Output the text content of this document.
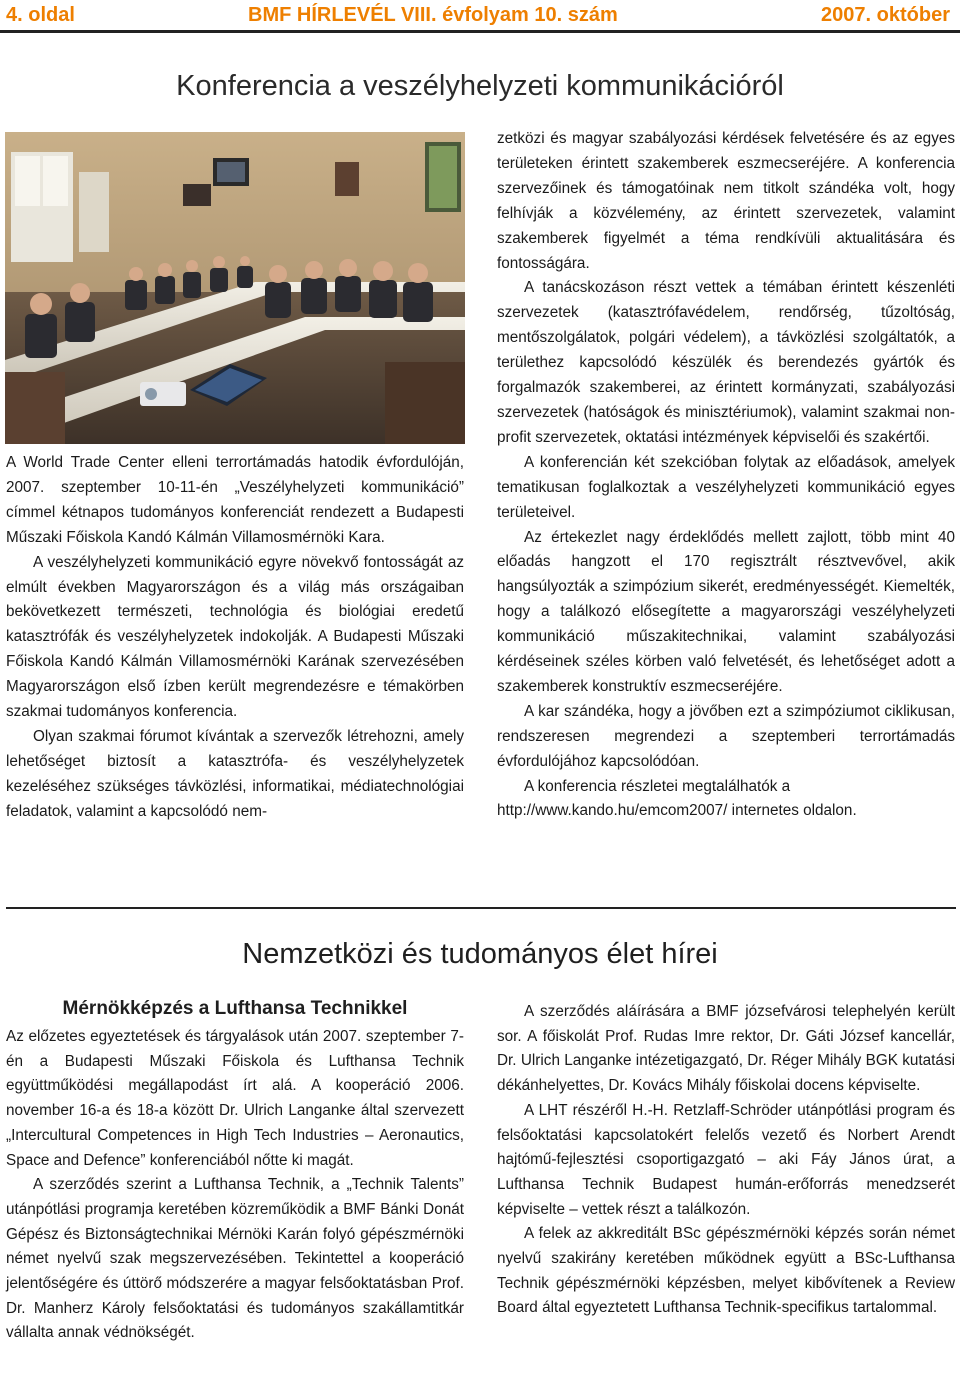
4. oldal	BMF HÍRLEVÉL VIII. évfolyam 10. szám	2007. október
Konferencia a veszélyhelyzeti kommunikációról

A World Trade Center elleni terrortámadás hatodik évfordulóján, 2007. szeptember 10-11-én „Veszélyhelyzeti kommunikáció” címmel kétnapos tudományos konferenciát rendezett a Budapesti Műszaki Főiskola Kandó Kálmán Villamosmérnöki Kara.

A veszélyhelyzeti kommunikáció egyre növekvő fontosságát az elmúlt években Magyarországon és a világ más országaiban bekövetkezett természeti, technológia és biológiai eredetű katasztrófák és veszélyhelyzetek indokolják. A Budapesti Műszaki Főiskola Kandó Kálmán Villamosmérnöki Karának szervezésében Magyarországon első ízben került megrendezésre e témakörben szakmai tudományos konferencia.

Olyan szakmai fórumot kívántak a szervezők létrehozni, amely lehetőséget biztosít a katasztrófa- és veszélyhelyzetek kezeléséhez szükséges távközlési, informatikai, médiatechnológiai feladatok, valamint a kapcsolódó nem-

zetközi és magyar szabályozási kérdések felvetésére és az egyes területeken érintett szakemberek eszmecseréjére. A konferencia szervezőinek és támogatóinak nem titkolt szándéka volt, hogy felhívják a közvélemény, az érintett szervezetek, valamint szakemberek figyelmét a téma rendkívüli aktualitására és fontosságára.

A tanácskozáson részt vettek a témában érintett készenléti szervezetek (katasztrófavédelem, rendőrség, tűzoltóság, mentőszolgálatok, polgári védelem), a távközlési szolgáltatók, a területhez kapcsolódó készülék és berendezés gyártók és forgalmazók szakemberei, az érintett kormányzati, szabályozási szervezetek (hatóságok és minisztériumok), valamint szakmai non-profit szervezetek, oktatási intézmények képviselői és szakértői.

A konferencián két szekcióban folytak az előadások, amelyek tematikusan foglalkoztak a veszélyhelyzeti kommunikáció egyes területeivel.

Az értekezlet nagy érdeklődés mellett zajlott, több mint 40 előadás hangzott el 170 regisztrált résztvevővel, akik hangsúlyozták a szimpózium sikerét, eredményességét. Kiemelték, hogy a találkozó elősegítette a magyarországi veszélyhelyzeti kommunikáció műszakitechnikai, valamint szabályozási kérdéseinek széles körben való felvetését, és lehetőséget adott a szakemberek konstruktív eszmecseréjére.

A kar szándéka, hogy a jövőben ezt a szimpóziumot ciklikusan, rendszeresen megrendezi a szeptemberi terrortámadás évfordulójához kapcsolódóan.

A konferencia részletei megtalálhatók a http://www.kando.hu/emcom2007/ internetes oldalon.

Nemzetközi és tudományos élet hírei
Mérnökképzés a Lufthansa Technikkel

Az előzetes egyeztetések és tárgyalások után 2007. szeptember 7-én a Budapesti Műszaki Főiskola és Lufthansa Technik együttműködési megállapodást írt alá. A kooperáció 2006. november 16-a és 18-a között Dr. Ulrich Langanke által szervezett „Intercultural Competences in High Tech Industries – Aeronautics, Space and Defence” konferenciából nőtte ki magát.

A szerződés szerint a Lufthansa Technik, a „Technik Talents” utánpótlási programja keretében közreműködik a BMF Bánki Donát Gépész és Biztonságtechnikai Mérnöki Karán folyó gépészmérnöki német nyelvű szak megszervezésében. Tekintettel a kooperáció jelentőségére és úttörő módszerére a magyar felsőoktatásban Prof. Dr. Manherz Károly felsőoktatási és tudományos szakállamtitkár vállalta annak védnökségét.

A szerződés aláírására a BMF józsefvárosi telephelyén került sor. A főiskolát Prof. Rudas Imre rektor, Dr. Gáti József kancellár, Dr. Ulrich Langanke intézetigazgató, Dr. Réger Mihály BGK kutatási dékánhelyettes, Dr. Kovács Mihály főiskolai docens képviselte.

A LHT részéről H.-H. Retzlaff-Schröder utánpótlási program és felsőoktatási kapcsolatokért felelős vezető és Norbert Arendt hajtómű-fejlesztési csoportigazgató – aki Fáy János úrat, a Lufthansa Technik Budapest humán-erőforrás menedzserét képviselte – vettek részt a találkozón.

A felek az akkreditált BSc gépészmérnöki képzés során német nyelvű szakirány keretében működnek együtt a BSc-Lufthansa Technik gépészmérnöki képzésben, melyet kibővítenek a Review Board által egyeztetett Lufthansa Technik-specifikus tartalommal.
